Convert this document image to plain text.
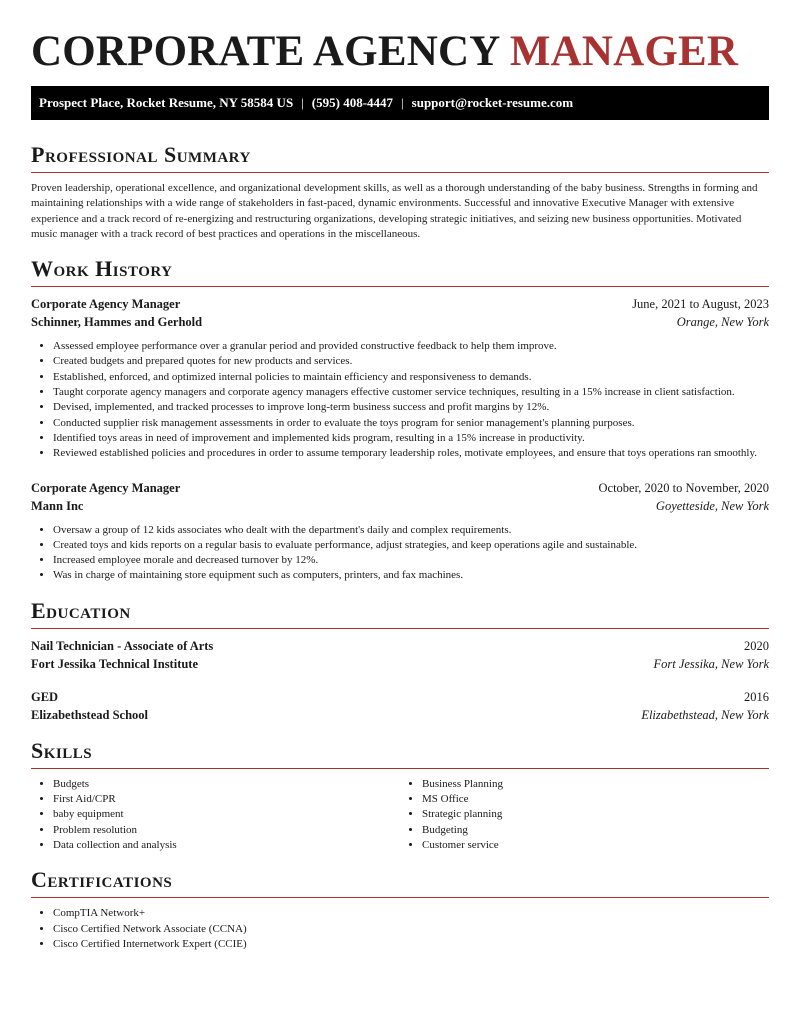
CORPORATE AGENCY MANAGER
Prospect Place, Rocket Resume, NY 58584 US | (595) 408-4447 | support@rocket-resume.com
Professional Summary

Proven leadership, operational excellence, and organizational development skills, as well as a thorough understanding of the baby business. Strengths in forming and maintaining relationships with a wide range of stakeholders in fast-paced, dynamic environments. Successful and innovative Executive Manager with extensive experience and a track record of re-energizing and restructuring organizations, developing strategic initiatives, and seizing new business opportunities. Motivated music manager with a track record of best practices and operations in the miscellaneous.

Work History
Corporate Agency Manager	June, 2021 to August, 2023
Schinner, Hammes and Gerhold	Orange, New York
• Assessed employee performance over a granular period and provided constructive feedback to help them improve.
• Created budgets and prepared quotes for new products and services.
• Established, enforced, and optimized internal policies to maintain efficiency and responsiveness to demands.
• Taught corporate agency managers and corporate agency managers effective customer service techniques, resulting in a 15% increase in client satisfaction.
• Devised, implemented, and tracked processes to improve long-term business success and profit margins by 12%.
• Conducted supplier risk management assessments in order to evaluate the toys program for senior management's planning purposes.
• Identified toys areas in need of improvement and implemented kids program, resulting in a 15% increase in productivity.
• Reviewed established policies and procedures in order to assume temporary leadership roles, motivate employees, and ensure that toys operations ran smoothly.
Corporate Agency Manager	October, 2020 to November, 2020
Mann Inc	Goyetteside, New York
• Oversaw a group of 12 kids associates who dealt with the department's daily and complex requirements.
• Created toys and kids reports on a regular basis to evaluate performance, adjust strategies, and keep operations agile and sustainable.
• Increased employee morale and decreased turnover by 12%.
• Was in charge of maintaining store equipment such as computers, printers, and fax machines.
Education
Nail Technician - Associate of Arts	2020
Fort Jessika Technical Institute	Fort Jessika, New York
GED	2016
Elizabethstead School	Elizabethstead, New York
Skills
• Budgets
• First Aid/CPR
• baby equipment
• Problem resolution
• Data collection and analysis
• Business Planning
• MS Office
• Strategic planning
• Budgeting
• Customer service
Certifications
• CompTIA Network+
• Cisco Certified Network Associate (CCNA)
• Cisco Certified Internetwork Expert (CCIE)
